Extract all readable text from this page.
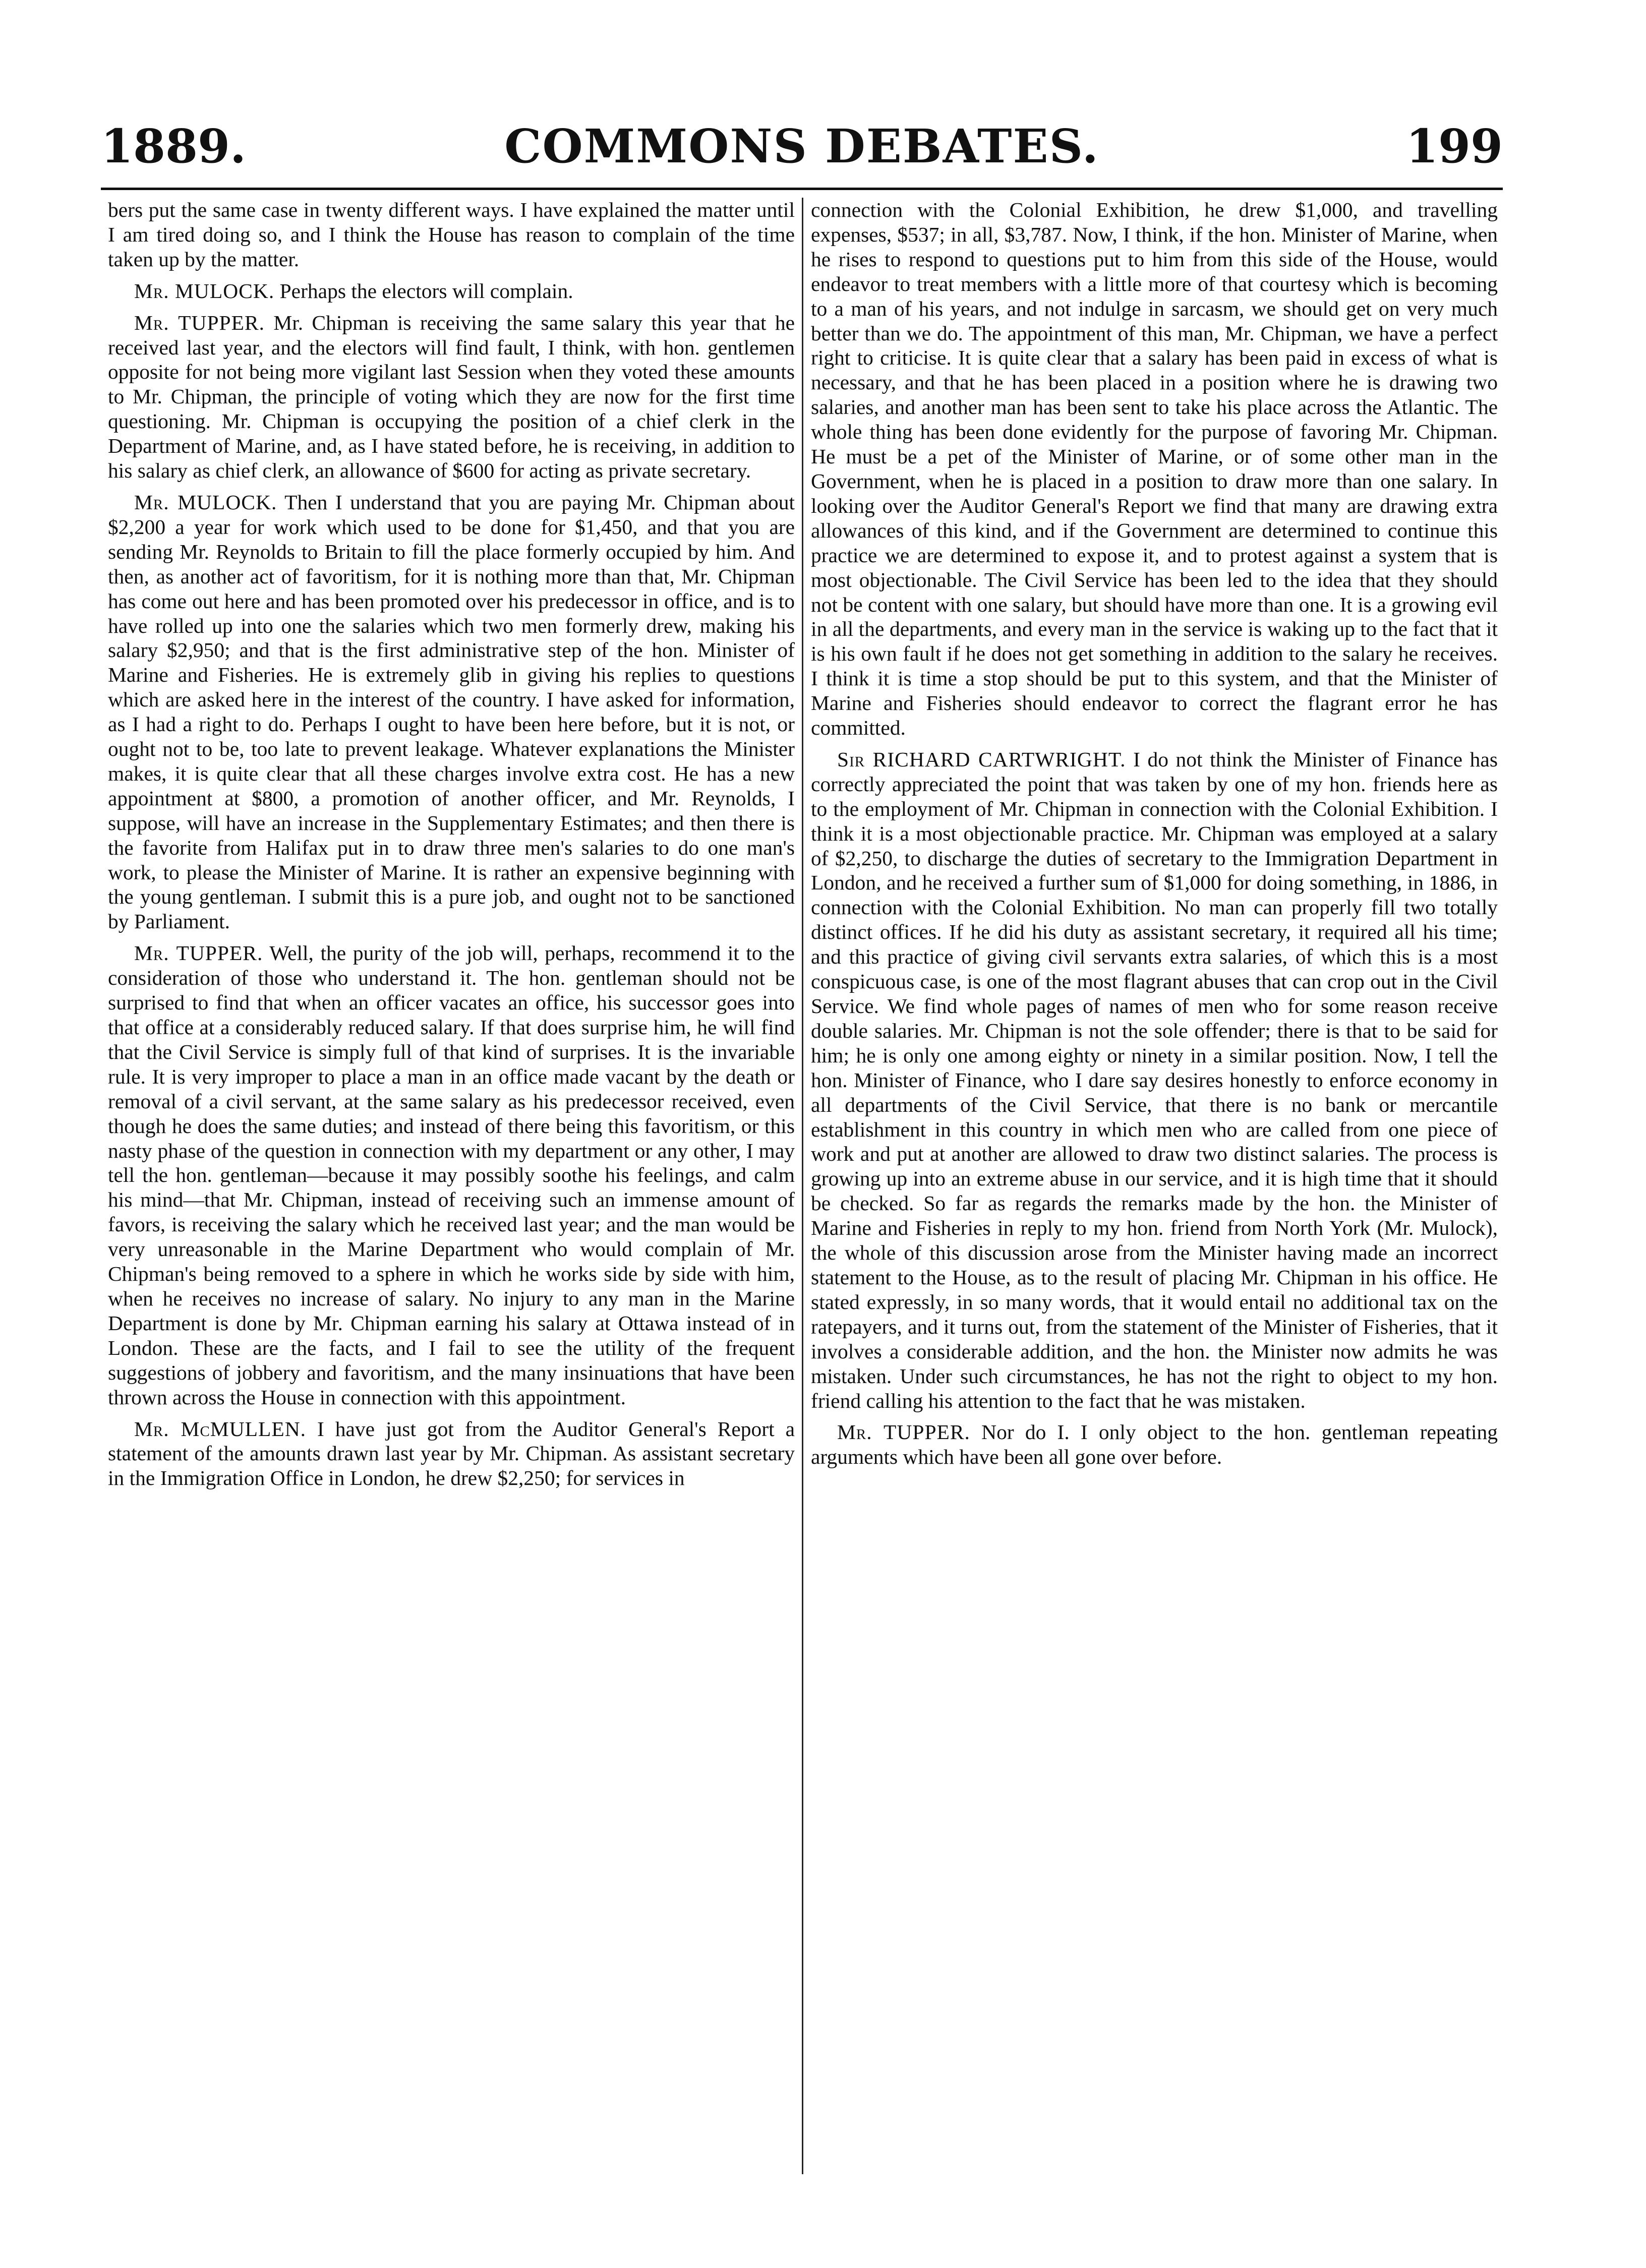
1889.	COMMONS DEBATES.	199

bers put the same case in twenty different ways. I have explained the matter until I am tired doing so, and I think the House has reason to complain of the time taken up by the matter.

Mr. MULOCK. Perhaps the electors will complain.

Mr. TUPPER. Mr. Chipman is receiving the same salary this year that he received last year, and the electors will find fault, I think, with hon. gentlemen opposite for not being more vigilant last Session when they voted these amounts to Mr. Chipman, the principle of voting which they are now for the first time questioning. Mr. Chipman is occupying the position of a chief clerk in the Department of Marine, and, as I have stated before, he is receiving, in addition to his salary as chief clerk, an allowance of $600 for acting as private secretary.

Mr. MULOCK. Then I understand that you are paying Mr. Chipman about $2,200 a year for work which used to be done for $1,450, and that you are sending Mr. Reynolds to Britain to fill the place formerly occupied by him. And then, as another act of favoritism, for it is nothing more than that, Mr. Chipman has come out here and has been promoted over his predecessor in office, and is to have rolled up into one the salaries which two men formerly drew, making his salary $2,950; and that is the first administrative step of the hon. Minister of Marine and Fisheries. He is extremely glib in giving his replies to questions which are asked here in the interest of the country. I have asked for information, as I had a right to do. Perhaps I ought to have been here before, but it is not, or ought not to be, too late to prevent leakage. Whatever explanations the Minister makes, it is quite clear that all these charges involve extra cost. He has a new appointment at $800, a promotion of another officer, and Mr. Reynolds, I suppose, will have an increase in the Supplementary Estimates; and then there is the favorite from Halifax put in to draw three men's salaries to do one man's work, to please the Minister of Marine. It is rather an expensive beginning with the young gentleman. I submit this is a pure job, and ought not to be sanctioned by Parliament.

Mr. TUPPER. Well, the purity of the job will, perhaps, recommend it to the consideration of those who understand it. The hon. gentleman should not be surprised to find that when an officer vacates an office, his successor goes into that office at a considerably reduced salary. If that does surprise him, he will find that the Civil Service is simply full of that kind of surprises. It is the invariable rule. It is very improper to place a man in an office made vacant by the death or removal of a civil servant, at the same salary as his predecessor received, even though he does the same duties; and instead of there being this favoritism, or this nasty phase of the question in connection with my department or any other, I may tell the hon. gentleman—because it may possibly soothe his feelings, and calm his mind—that Mr. Chipman, instead of receiving such an immense amount of favors, is receiving the salary which he received last year; and the man would be very unreasonable in the Marine Department who would complain of Mr. Chipman's being removed to a sphere in which he works side by side with him, when he receives no increase of salary. No injury to any man in the Marine Department is done by Mr. Chipman earning his salary at Ottawa instead of in London. These are the facts, and I fail to see the utility of the frequent suggestions of jobbery and favoritism, and the many insinuations that have been thrown across the House in connection with this appointment.

Mr. McMULLEN. I have just got from the Auditor General's Report a statement of the amounts drawn last year by Mr. Chipman. As assistant secretary in the Immigration Office in London, he drew $2,250; for services in

connection with the Colonial Exhibition, he drew $1,000, and travelling expenses, $537; in all, $3,787. Now, I think, if the hon. Minister of Marine, when he rises to respond to questions put to him from this side of the House, would endeavor to treat members with a little more of that courtesy which is becoming to a man of his years, and not indulge in sarcasm, we should get on very much better than we do. The appointment of this man, Mr. Chipman, we have a perfect right to criticise. It is quite clear that a salary has been paid in excess of what is necessary, and that he has been placed in a position where he is drawing two salaries, and another man has been sent to take his place across the Atlantic. The whole thing has been done evidently for the purpose of favoring Mr. Chipman. He must be a pet of the Minister of Marine, or of some other man in the Government, when he is placed in a position to draw more than one salary. In looking over the Auditor General's Report we find that many are drawing extra allowances of this kind, and if the Government are determined to continue this practice we are determined to expose it, and to protest against a system that is most objectionable. The Civil Service has been led to the idea that they should not be content with one salary, but should have more than one. It is a growing evil in all the departments, and every man in the service is waking up to the fact that it is his own fault if he does not get something in addition to the salary he receives. I think it is time a stop should be put to this system, and that the Minister of Marine and Fisheries should endeavor to correct the flagrant error he has committed.

Sir RICHARD CARTWRIGHT. I do not think the Minister of Finance has correctly appreciated the point that was taken by one of my hon. friends here as to the employment of Mr. Chipman in connection with the Colonial Exhibition. I think it is a most objectionable practice. Mr. Chipman was employed at a salary of $2,250, to discharge the duties of secretary to the Immigration Department in London, and he received a further sum of $1,000 for doing something, in 1886, in connection with the Colonial Exhibition. No man can properly fill two totally distinct offices. If he did his duty as assistant secretary, it required all his time; and this practice of giving civil servants extra salaries, of which this is a most conspicuous case, is one of the most flagrant abuses that can crop out in the Civil Service. We find whole pages of names of men who for some reason receive double salaries. Mr. Chipman is not the sole offender; there is that to be said for him; he is only one among eighty or ninety in a similar position. Now, I tell the hon. Minister of Finance, who I dare say desires honestly to enforce economy in all departments of the Civil Service, that there is no bank or mercantile establishment in this country in which men who are called from one piece of work and put at another are allowed to draw two distinct salaries. The process is growing up into an extreme abuse in our service, and it is high time that it should be checked. So far as regards the remarks made by the hon. the Minister of Marine and Fisheries in reply to my hon. friend from North York (Mr. Mulock), the whole of this discussion arose from the Minister having made an incorrect statement to the House, as to the result of placing Mr. Chipman in his office. He stated expressly, in so many words, that it would entail no additional tax on the ratepayers, and it turns out, from the statement of the Minister of Fisheries, that it involves a considerable addition, and the hon. the Minister now admits he was mistaken. Under such circumstances, he has not the right to object to my hon. friend calling his attention to the fact that he was mistaken.

Mr. TUPPER. Nor do I. I only object to the hon. gentleman repeating arguments which have been all gone over before.
